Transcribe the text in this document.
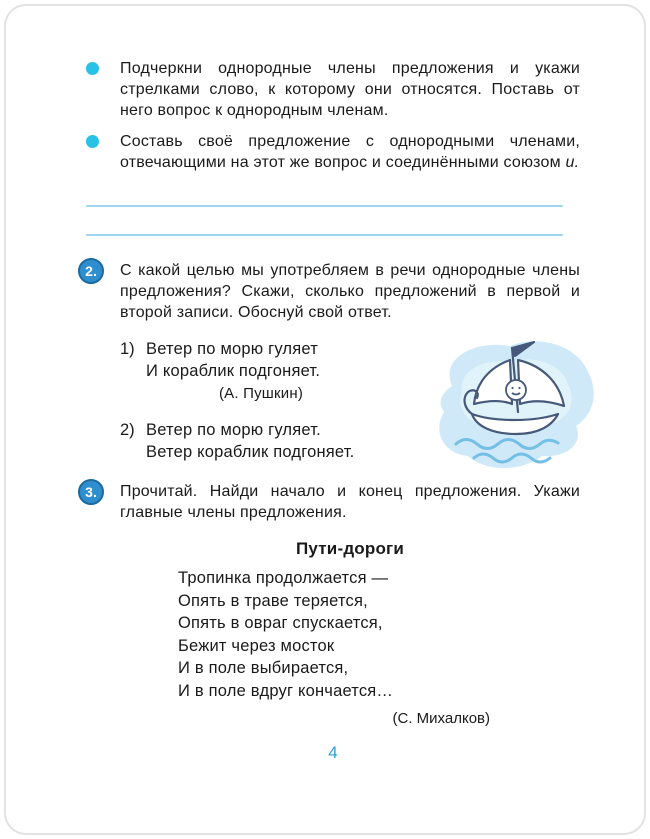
Подчеркни однородные члены предложения и укажи стрелками слово, к которому они относятся. Поставь от него вопрос к однородным членам.

Составь своё предложение с однородными членами, отвечающими на этот же вопрос и соединёнными союзом и.

2.	С какой целью мы употребляем в речи однородные члены предложения? Скажи, сколько предложений в первой и второй записи. Обоснуй свой ответ.

1) Ветер по морю гуляет
И кораблик подгоняет.
(А. Пушкин)
2) Ветер по морю гуляет.
Ветер кораблик подгоняет.
3.	Прочитай. Найди начало и конец предложения. Укажи главные члены предложения.

Пути-дороги
Тропинка продолжается —
Опять в траве теряется,
Опять в овраг спускается,
Бежит через мосток
И в поле выбирается,
И в поле вдруг кончается…
(С. Михалков)
4
